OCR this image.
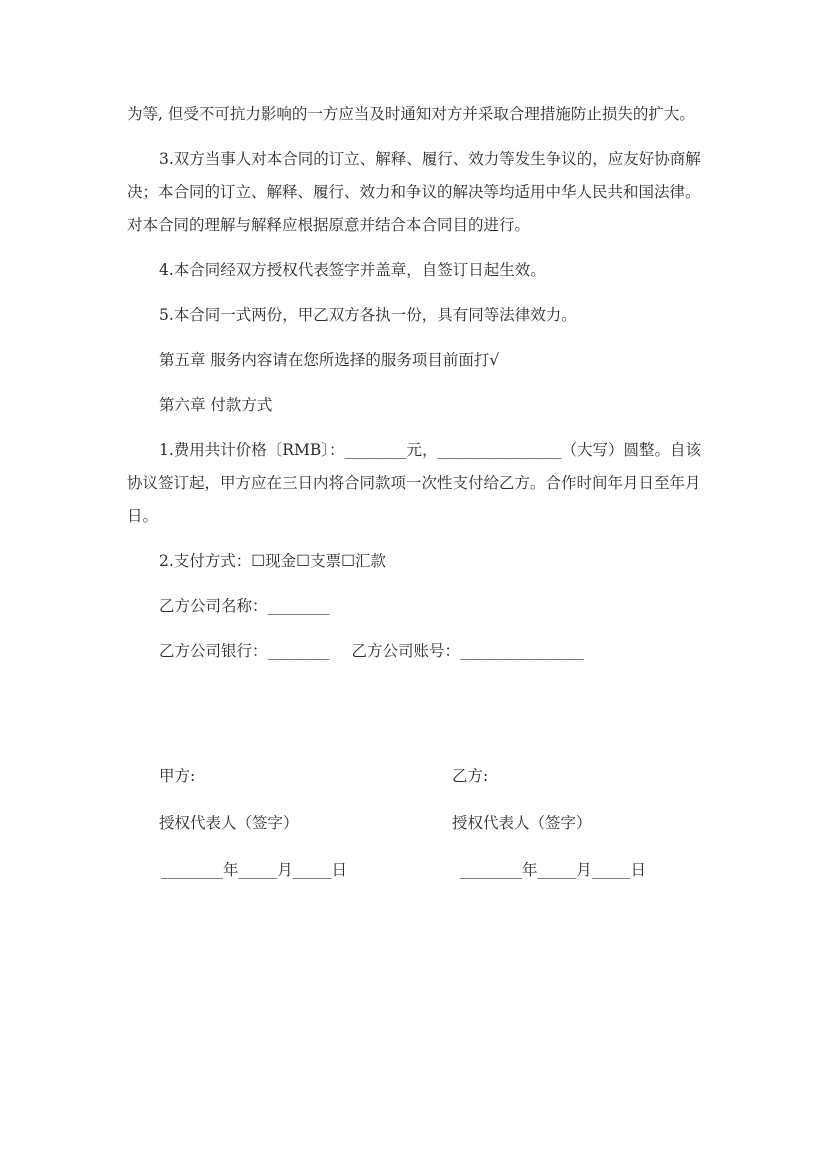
为等, 但受不可抗力影响的一方应当及时通知对方并采取合理措施防止损失的扩大。

3.双方当事人对本合同的订立、解释、履行、效力等发生争议的，应友好协商解决；本合同的订立、解释、履行、效力和争议的解决等均适用中华人民共和国法律。对本合同的理解与解释应根据原意并结合本合同目的进行。

4.本合同经双方授权代表签字并盖章，自签订日起生效。

5.本合同一式两份，甲乙双方各执一份，具有同等法律效力。

第五章 服务内容请在您所选择的服务项目前面打√

第六章 付款方式

1.费用共计价格〔RMB〕：________元，________________（大写）圆整。自该协议签订起，甲方应在三日内将合同款项一次性支付给乙方。合作时间年月日至年月日。

2.支付方式：☐现金☐支票☐汇款

乙方公司名称：________

乙方公司银行：________ 乙方公司账号：________________

甲方:
授权代表人（签字）
________年_____月_____日
乙方:
授权代表人（签字）
________年_____月_____日
